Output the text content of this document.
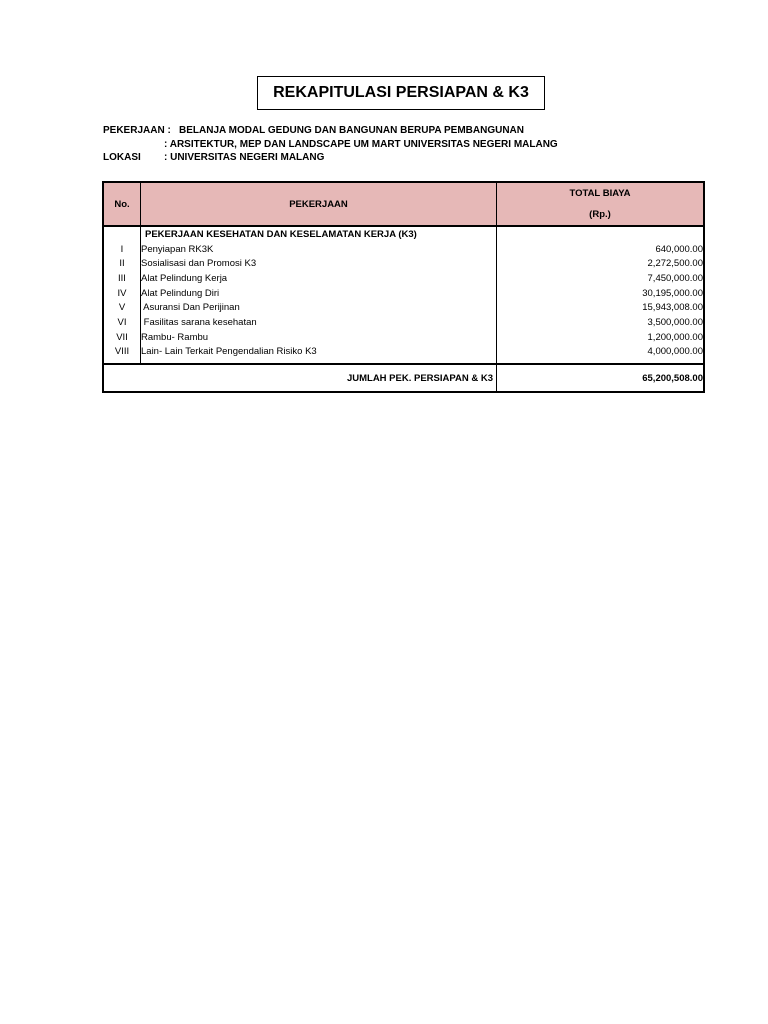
REKAPITULASI PERSIAPAN & K3
PEKERJAAN : BELANJA MODAL GEDUNG DAN BANGUNAN BERUPA PEMBANGUNAN
: ARSITEKTUR, MEP DAN LANDSCAPE UM MART UNIVERSITAS NEGERI MALANG
LOKASI : UNIVERSITAS NEGERI MALANG
No.	PEKERJAAN	TOTAL BIAYA
(Rp.)

	PEKERJAAN KESEHATAN DAN KESELAMATAN KERJA (K3)	
I	Penyiapan RK3K	640,000.00
II	Sosialisasi dan Promosi K3	2,272,500.00
III	Alat Pelindung Kerja	7,450,000.00
IV	Alat Pelindung Diri	30,195,000.00
V	Asuransi Dan Perijinan	15,943,008.00
VI	Fasilitas sarana kesehatan	3,500,000.00
VII	Rambu- Rambu	1,200,000.00
VIII	Lain- Lain Terkait Pengendalian Risiko K3	4,000,000.00

JUMLAH PEK. PERSIAPAN & K3		65,200,508.00
